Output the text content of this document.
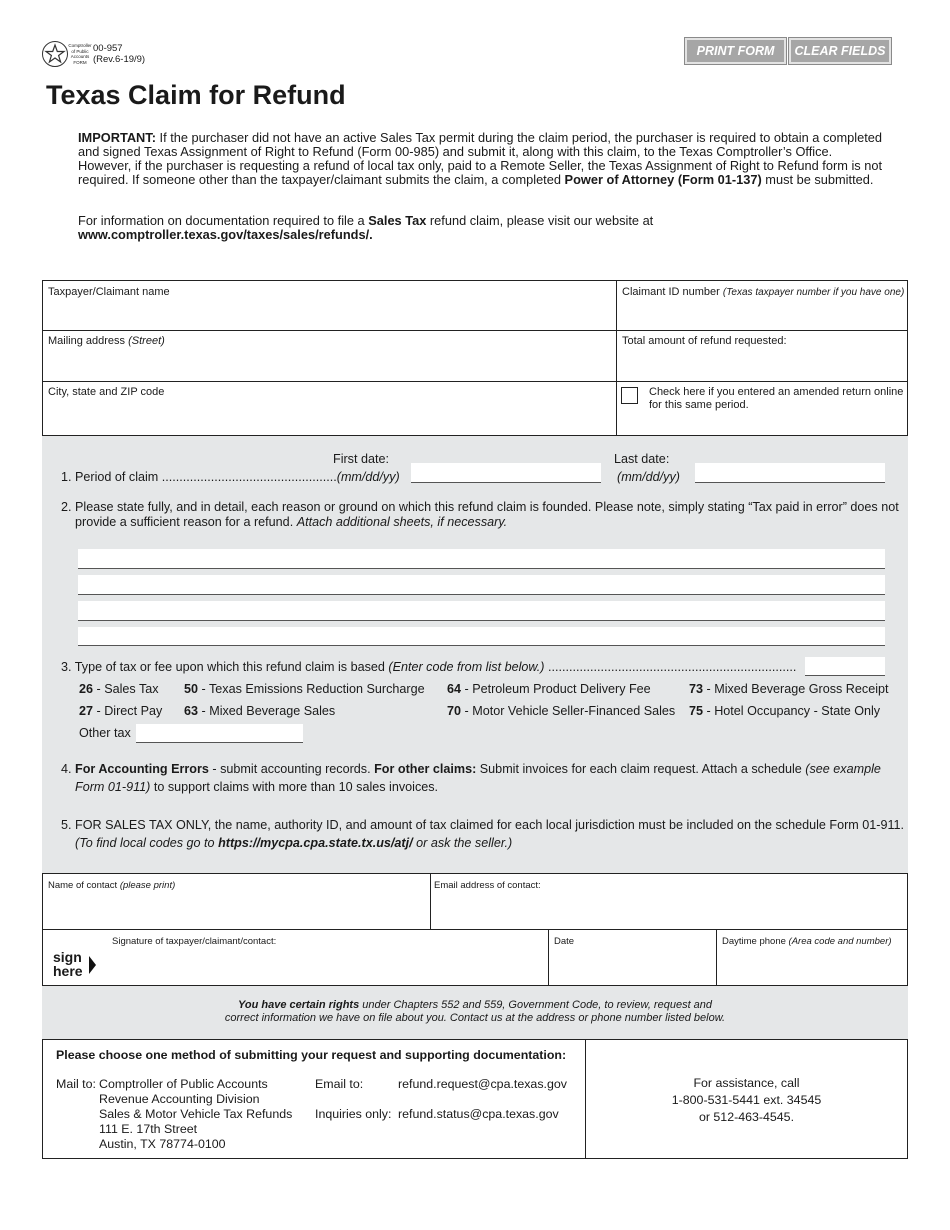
Comptroller of Public Accounts FORM
00-957
(Rev.6-19/9)
PRINT FORM	CLEAR FIELDS
Texas Claim for Refund

IMPORTANT: If the purchaser did not have an active Sales Tax permit during the claim period, the purchaser is required to obtain a completed and signed Texas Assignment of Right to Refund (Form 00-985) and submit it, along with this claim, to the Texas Comptroller’s Office. However, if the purchaser is requesting a refund of local tax only, paid to a Remote Seller, the Texas Assignment of Right to Refund form is not required. If someone other than the taxpayer/claimant submits the claim, a completed Power of Attorney (Form 01-137) must be submitted.

For information on documentation required to file a Sales Tax refund claim, please visit our website at www.comptroller.texas.gov/taxes/sales/refunds/.

Taxpayer/Claimant name	Claimant ID number (Texas taxpayer number if you have one)
Mailing address (Street)	Total amount of refund requested:
City, state and ZIP code	Check here if you entered an amended return online for this same period.
First date:	Last date:
1. Period of claim ..................................................(mm/dd/yy)	(mm/dd/yy)
2. Please state fully, and in detail, each reason or ground on which this refund claim is founded. Please note, simply stating “Tax paid in error” does not
provide a sufficient reason for a refund. Attach additional sheets, if necessary.
3. Type of tax or fee upon which this refund claim is based (Enter code from list below.) .......................................................................
26 - Sales Tax 50 - Texas Emissions Reduction Surcharge 64 - Petroleum Product Delivery Fee	73 - Mixed Beverage Gross Receipt
27 - Direct Pay 63 - Mixed Beverage Sales	70 - Motor Vehicle Seller-Financed Sales 75 - Hotel Occupancy - State Only
Other tax
4. For Accounting Errors - submit accounting records. For other claims: Submit invoices for each claim request. Attach a schedule (see example
Form 01-911) to support claims with more than 10 sales invoices.
5. FOR SALES TAX ONLY, the name, authority ID, and amount of tax claimed for each local jurisdiction must be included on the schedule Form 01-911.
(To find local codes go to https://mycpa.cpa.state.tx.us/atj/ or ask the seller.)
Name of contact (please print)	Email address of contact:
Signature of taxpayer/claimant/contact:
sign
here
Date	Daytime phone (Area code and number)
You have certain rights under Chapters 552 and 559, Government Code, to review, request and
correct information we have on file about you. Contact us at the address or phone number listed below.
Please choose one method of submitting your request and supporting documentation:
Mail to: Comptroller of Public Accounts
Revenue Accounting Division
Sales & Motor Vehicle Tax Refunds
111 E. 17th Street
Austin, TX 78774-0100
Email to:	refund.request@cpa.texas.gov
Inquiries only: refund.status@cpa.texas.gov
For assistance, call
1-800-531-5441 ext. 34545
or 512-463-4545.
